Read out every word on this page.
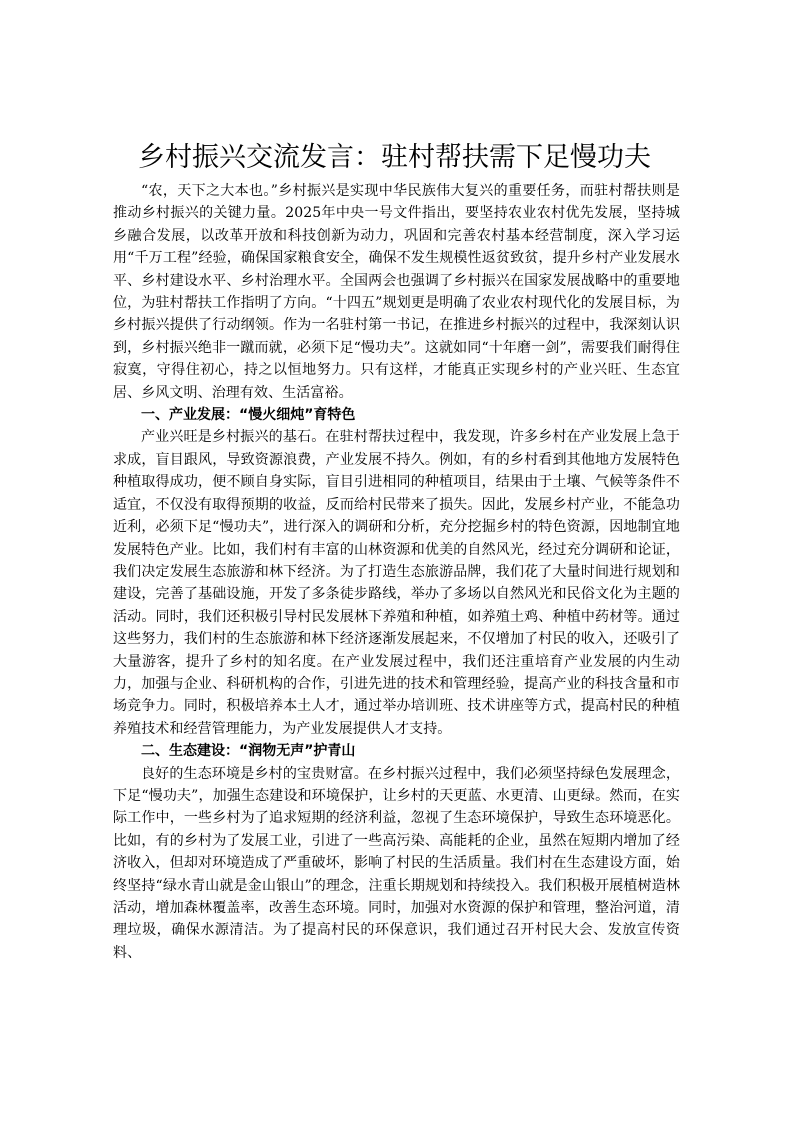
乡村振兴交流发言：驻村帮扶需下足慢功夫

“农，天下之大本也。”乡村振兴是实现中华民族伟大复兴的重要任务，而驻村帮扶则是推动乡村振兴的关键力量。2025年中央一号文件指出，要坚持农业农村优先发展，坚持城乡融合发展，以改革开放和科技创新为动力，巩固和完善农村基本经营制度，深入学习运用“千万工程”经验，确保国家粮食安全，确保不发生规模性返贫致贫，提升乡村产业发展水平、乡村建设水平、乡村治理水平。全国两会也强调了乡村振兴在国家发展战略中的重要地位，为驻村帮扶工作指明了方向。“十四五”规划更是明确了农业农村现代化的发展目标，为乡村振兴提供了行动纲领。作为一名驻村第一书记，在推进乡村振兴的过程中，我深刻认识到，乡村振兴绝非一蹴而就，必须下足“慢功夫”。这就如同“十年磨一剑”，需要我们耐得住寂寞，守得住初心，持之以恒地努力。只有这样，才能真正实现乡村的产业兴旺、生态宜居、乡风文明、治理有效、生活富裕。

一、产业发展：“慢火细炖”育特色

产业兴旺是乡村振兴的基石。在驻村帮扶过程中，我发现，许多乡村在产业发展上急于求成，盲目跟风，导致资源浪费，产业发展不持久。例如，有的乡村看到其他地方发展特色种植取得成功，便不顾自身实际，盲目引进相同的种植项目，结果由于土壤、气候等条件不适宜，不仅没有取得预期的收益，反而给村民带来了损失。因此，发展乡村产业，不能急功近利，必须下足“慢功夫”，进行深入的调研和分析，充分挖掘乡村的特色资源，因地制宜地发展特色产业。比如，我们村有丰富的山林资源和优美的自然风光，经过充分调研和论证，我们决定发展生态旅游和林下经济。为了打造生态旅游品牌，我们花了大量时间进行规划和建设，完善了基础设施，开发了多条徒步路线，举办了多场以自然风光和民俗文化为主题的活动。同时，我们还积极引导村民发展林下养殖和种植，如养殖土鸡、种植中药材等。通过这些努力，我们村的生态旅游和林下经济逐渐发展起来，不仅增加了村民的收入，还吸引了大量游客，提升了乡村的知名度。在产业发展过程中，我们还注重培育产业发展的内生动力，加强与企业、科研机构的合作，引进先进的技术和管理经验，提高产业的科技含量和市场竞争力。同时，积极培养本土人才，通过举办培训班、技术讲座等方式，提高村民的种植养殖技术和经营管理能力，为产业发展提供人才支持。

二、生态建设：“润物无声”护青山

良好的生态环境是乡村的宝贵财富。在乡村振兴过程中，我们必须坚持绿色发展理念，下足“慢功夫”，加强生态建设和环境保护，让乡村的天更蓝、水更清、山更绿。然而，在实际工作中，一些乡村为了追求短期的经济利益，忽视了生态环境保护，导致生态环境恶化。比如，有的乡村为了发展工业，引进了一些高污染、高能耗的企业，虽然在短期内增加了经济收入，但却对环境造成了严重破坏，影响了村民的生活质量。我们村在生态建设方面，始终坚持“绿水青山就是金山银山”的理念，注重长期规划和持续投入。我们积极开展植树造林活动，增加森林覆盖率，改善生态环境。同时，加强对水资源的保护和管理，整治河道，清理垃圾，确保水源清洁。为了提高村民的环保意识，我们通过召开村民大会、发放宣传资料、
